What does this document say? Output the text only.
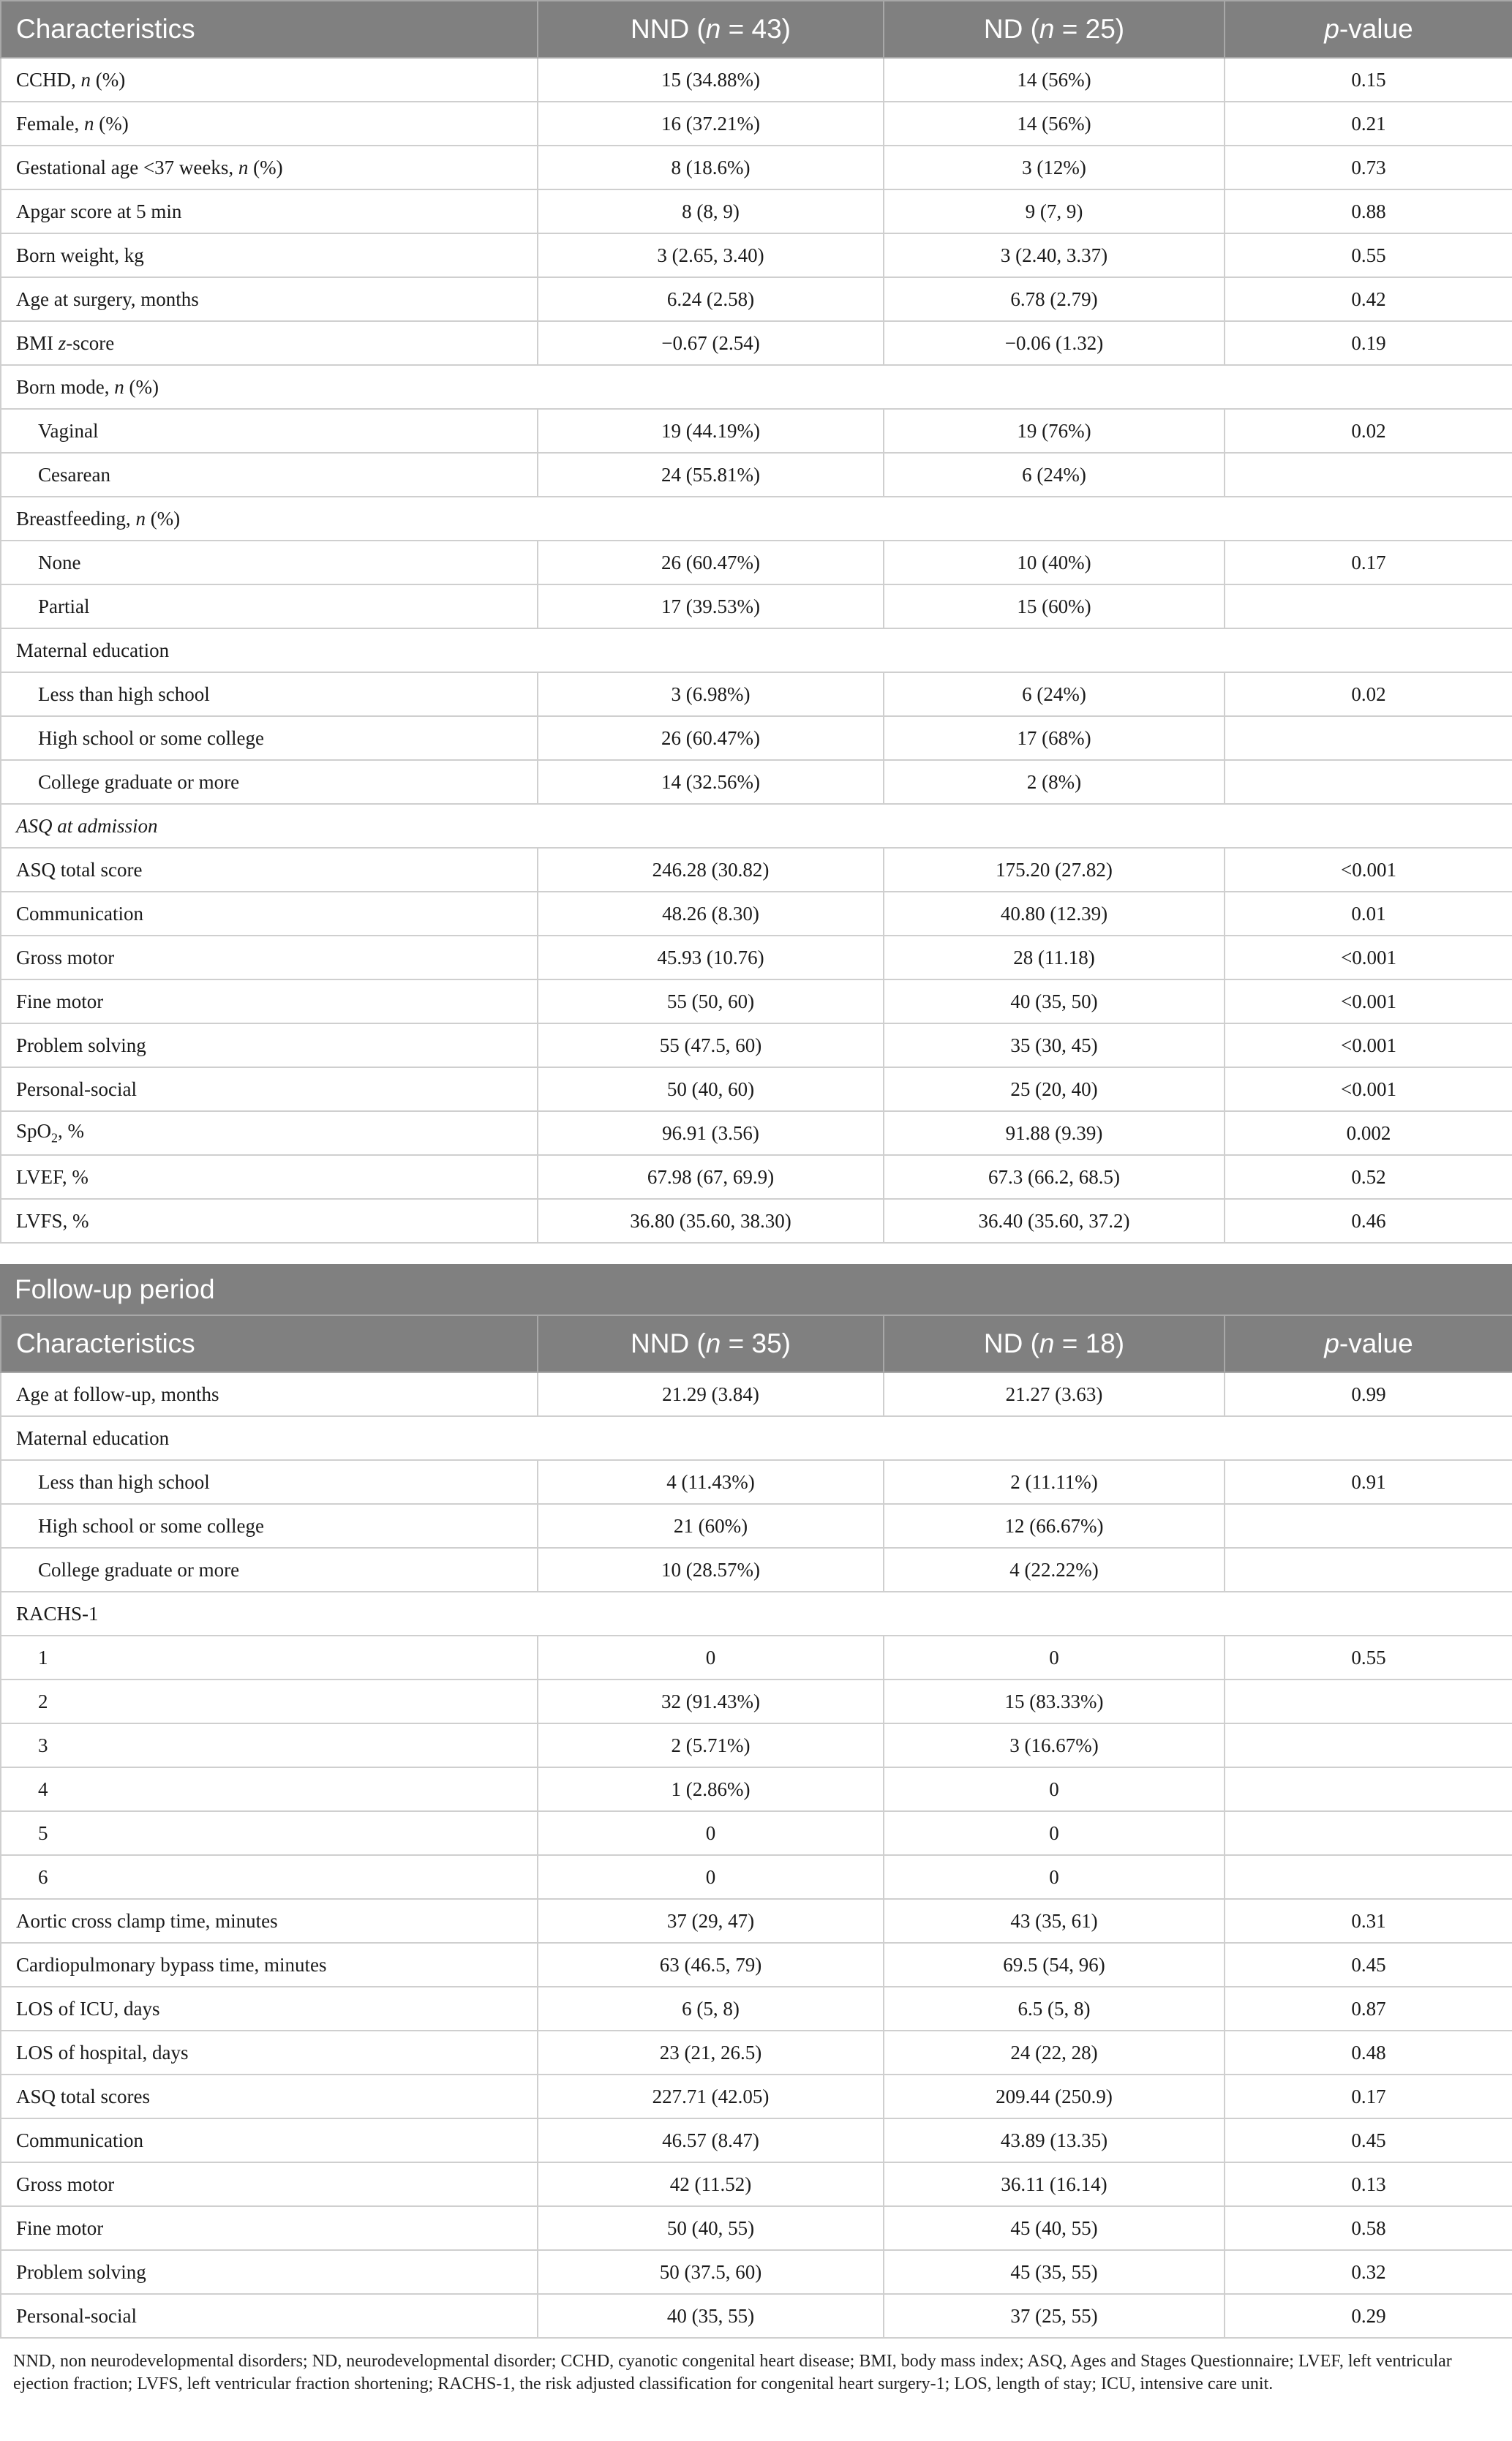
Characteristics	NND (n = 43)	ND (n = 25)	p-value
CCHD, n (%)	15 (34.88%)	14 (56%)	0.15
Female, n (%)	16 (37.21%)	14 (56%)	0.21
Gestational age <37 weeks, n (%)	8 (18.6%)	3 (12%)	0.73
Apgar score at 5 min	8 (8, 9)	9 (7, 9)	0.88
Born weight, kg	3 (2.65, 3.40)	3 (2.40, 3.37)	0.55
Age at surgery, months	6.24 (2.58)	6.78 (2.79)	0.42
BMI z-score	−0.67 (2.54)	−0.06 (1.32)	0.19
Born mode, n (%)			
Vaginal	19 (44.19%)	19 (76%)	0.02
Cesarean	24 (55.81%)	6 (24%)	
Breastfeeding, n (%)			
None	26 (60.47%)	10 (40%)	0.17
Partial	17 (39.53%)	15 (60%)	
Maternal education			
Less than high school	3 (6.98%)	6 (24%)	0.02
High school or some college	26 (60.47%)	17 (68%)	
College graduate or more	14 (32.56%)	2 (8%)	
ASQ at admission			
ASQ total score	246.28 (30.82)	175.20 (27.82)	<0.001
Communication	48.26 (8.30)	40.80 (12.39)	0.01
Gross motor	45.93 (10.76)	28 (11.18)	<0.001
Fine motor	55 (50, 60)	40 (35, 50)	<0.001
Problem solving	55 (47.5, 60)	35 (30, 45)	<0.001
Personal-social	50 (40, 60)	25 (20, 40)	<0.001
SpO$_2$, %	96.91 (3.56)	91.88 (9.39)	0.002
LVEF, %	67.98 (67, 69.9)	67.3 (66.2, 68.5)	0.52
LVFS, %	36.80 (35.60, 38.30)	36.40 (35.60, 37.2)	0.46
Follow-up period
Characteristics	NND (n = 35)	ND (n = 18)	p-value
Age at follow-up, months	21.29 (3.84)	21.27 (3.63)	0.99
Maternal education			
Less than high school	4 (11.43%)	2 (11.11%)	0.91
High school or some college	21 (60%)	12 (66.67%)	
College graduate or more	10 (28.57%)	4 (22.22%)	
RACHS-1			
1	0	0	0.55
2	32 (91.43%)	15 (83.33%)	
3	2 (5.71%)	3 (16.67%)	
4	1 (2.86%)	0	
5	0	0	
6	0	0	
Aortic cross clamp time, minutes	37 (29, 47)	43 (35, 61)	0.31
Cardiopulmonary bypass time, minutes	63 (46.5, 79)	69.5 (54, 96)	0.45
LOS of ICU, days	6 (5, 8)	6.5 (5, 8)	0.87
LOS of hospital, days	23 (21, 26.5)	24 (22, 28)	0.48
ASQ total scores	227.71 (42.05)	209.44 (250.9)	0.17
Communication	46.57 (8.47)	43.89 (13.35)	0.45
Gross motor	42 (11.52)	36.11 (16.14)	0.13
Fine motor	50 (40, 55)	45 (40, 55)	0.58
Problem solving	50 (37.5, 60)	45 (35, 55)	0.32
Personal-social	40 (35, 55)	37 (25, 55)	0.29
NND, non neurodevelopmental disorders; ND, neurodevelopmental disorder; CCHD, cyanotic congenital heart disease; BMI, body mass index; ASQ, Ages and Stages Questionnaire; LVEF, left ventricular ejection fraction; LVFS, left ventricular fraction shortening; RACHS-1, the risk adjusted classification for congenital heart surgery-1; LOS, length of stay; ICU, intensive care unit.
